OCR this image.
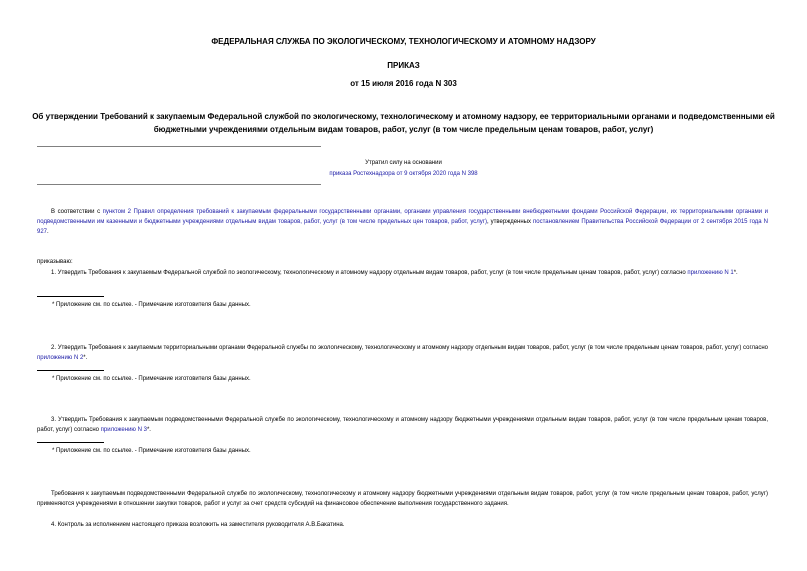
ФЕДЕРАЛЬНАЯ СЛУЖБА ПО ЭКОЛОГИЧЕСКОМУ, ТЕХНОЛОГИЧЕСКОМУ И АТОМНОМУ НАДЗОРУ
ПРИКАЗ
от 15 июля 2016 года N 303
Об утверждении Требований к закупаемым Федеральной службой по экологическому, технологическому и атомному надзору, ее территориальными органами и подведомственными ей бюджетными учреждениями отдельным видам товаров, работ, услуг (в том числе предельным ценам товаров, работ, услуг)
Утратил силу на основании
приказа Ростехнадзора от 9 октября 2020 года N 398
В соответствии с пунктом 2 Правил определения требований к закупаемым федеральными государственными органами, органами управления государственными внебюджетными фондами Российской Федерации, их территориальными органами и подведомственными им казенными и бюджетными учреждениями отдельным видам товаров, работ, услуг (в том числе предельных цен товаров, работ, услуг), утвержденных постановлением Правительства Российской Федерации от 2 сентября 2015 года N 927.
приказываю:
1. Утвердить Требования к закупаемым Федеральной службой по экологическому, технологическому и атомному надзору отдельным видам товаров, работ, услуг (в том числе предельным ценам товаров, работ, услуг) согласно приложению N 1*.
* Приложение см. по ссылке. - Примечание изготовителя базы данных.
2. Утвердить Требования к закупаемым территориальными органами Федеральной службы по экологическому, технологическому и атомному надзору отдельным видам товаров, работ, услуг (в том числе предельным ценам товаров, работ, услуг) согласно приложению N 2*.
* Приложение см. по ссылке. - Примечание изготовителя базы данных.
3. Утвердить Требования к закупаемым подведомственными Федеральной службе по экологическому, технологическому и атомному надзору бюджетными учреждениями отдельным видам товаров, работ, услуг (в том числе предельным ценам товаров, работ, услуг) согласно приложению N 3*.
* Приложение см. по ссылке. - Примечание изготовителя базы данных.
Требования к закупаемым подведомственными Федеральной службе по экологическому, технологическому и атомному надзору бюджетными учреждениями отдельным видам товаров, работ, услуг (в том числе предельным ценам товаров, работ, услуг) применяются учреждениями в отношении закупки товаров, работ и услуг за счет средств субсидий на финансовое обеспечение выполнения государственного задания.
4. Контроль за исполнением настоящего приказа возложить на заместителя руководителя А.В.Бакатина.
